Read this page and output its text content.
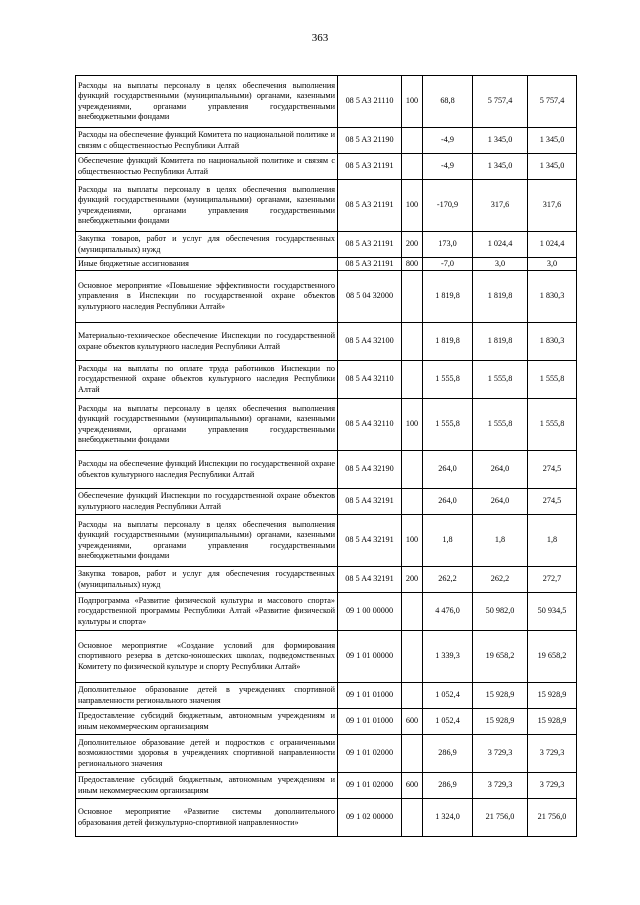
363
Расходы на выплаты персоналу в целях обеспечения выполнения функций государственными (муниципальными) органами, казенными учреждениями, органами управления государственными внебюджетными фондами	08 5 A3 21110	100	68,8	5 757,4	5 757,4
Расходы на обеспечение функций Комитета по национальной политике и связям с общественностью Республики Алтай	08 5 A3 21190		-4,9	1 345,0	1 345,0
Обеспечение функций Комитета по национальной политике и связям с общественностью Республики Алтай	08 5 A3 21191		-4,9	1 345,0	1 345,0
Расходы на выплаты персоналу в целях обеспечения выполнения функций государственными (муниципальными) органами, казенными учреждениями, органами управления государственными внебюджетными фондами	08 5 A3 21191	100	-170,9	317,6	317,6
Закупка товаров, работ и услуг для обеспечения государственных (муниципальных) нужд	08 5 A3 21191	200	173,0	1 024,4	1 024,4
Иные бюджетные ассигнования	08 5 A3 21191	800	-7,0	3,0	3,0
Основное мероприятие «Повышение эффективности государственного управления в Инспекции по государственной охране объектов культурного наследия Республики Алтай»	08 5 04 32000		1 819,8	1 819,8	1 830,3
Материально-техническое обеспечение Инспекции по государственной охране объектов культурного наследия Республики Алтай	08 5 A4 32100		1 819,8	1 819,8	1 830,3
Расходы на выплаты по оплате труда работников Инспекции по государственной охране объектов культурного наследия Республики Алтай	08 5 A4 32110		1 555,8	1 555,8	1 555,8
Расходы на выплаты персоналу в целях обеспечения выполнения функций государственными (муниципальными) органами, казенными учреждениями, органами управления государственными внебюджетными фондами	08 5 A4 32110	100	1 555,8	1 555,8	1 555,8
Расходы на обеспечение функций Инспекции по государственной охране объектов культурного наследия Республики Алтай	08 5 A4 32190		264,0	264,0	274,5
Обеспечение функций Инспекции по государственной охране объектов культурного наследия Республики Алтай	08 5 A4 32191		264,0	264,0	274,5
Расходы на выплаты персоналу в целях обеспечения выполнения функций государственными (муниципальными) органами, казенными учреждениями, органами управления государственными внебюджетными фондами	08 5 A4 32191	100	1,8	1,8	1,8
Закупка товаров, работ и услуг для обеспечения государственных (муниципальных) нужд	08 5 A4 32191	200	262,2	262,2	272,7
Подпрограмма «Развитие физической культуры и массового спорта» государственной программы Республики Алтай «Развитие физической культуры и спорта»	09 1 00 00000		4 476,0	50 982,0	50 934,5
Основное мероприятие «Создание условий для формирования спортивного резерва в детско-юношеских школах, подведомственных Комитету по физической культуре и спорту Республики Алтай»	09 1 01 00000		1 339,3	19 658,2	19 658,2
Дополнительное образование детей в учреждениях спортивной направленности регионального значения	09 1 01 01000		1 052,4	15 928,9	15 928,9
Предоставление субсидий бюджетным, автономным учреждениям и иным некоммерческим организациям	09 1 01 01000	600	1 052,4	15 928,9	15 928,9
Дополнительное образование детей и подростков с ограниченными возможностями здоровья в учреждениях спортивной направленности регионального значения	09 1 01 02000		286,9	3 729,3	3 729,3
Предоставление субсидий бюджетным, автономным учреждениям и иным некоммерческим организациям	09 1 01 02000	600	286,9	3 729,3	3 729,3
Основное мероприятие «Развитие системы дополнительного образования детей физкультурно-спортивной направленности»	09 1 02 00000		1 324,0	21 756,0	21 756,0
